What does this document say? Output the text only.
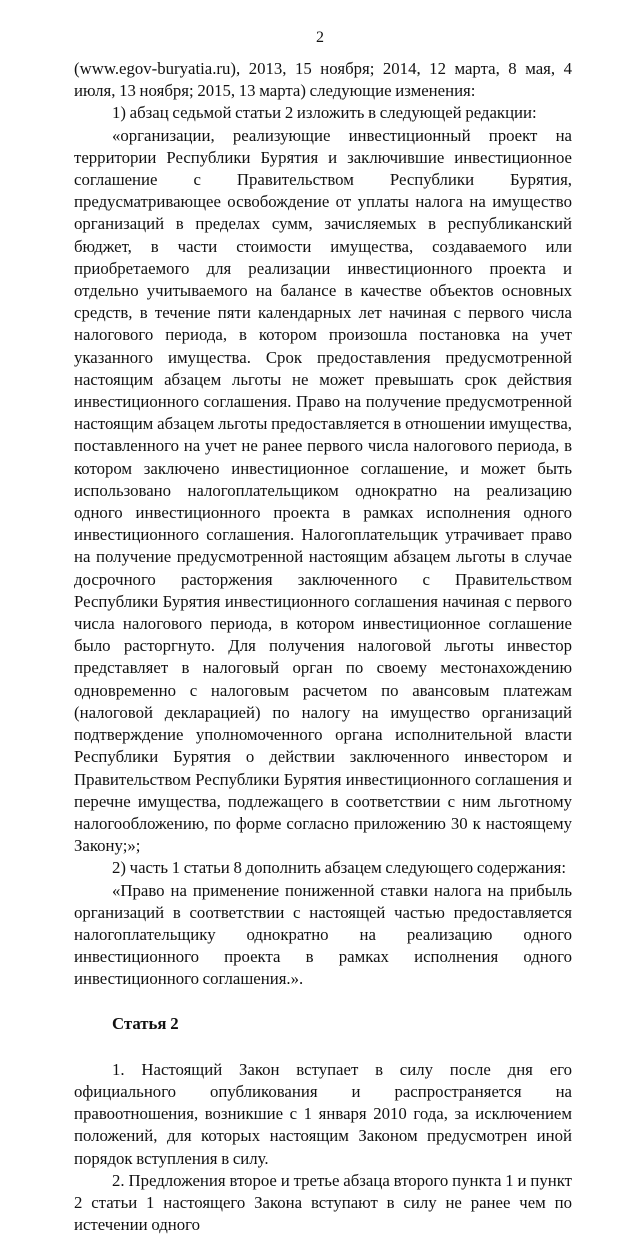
2

(www.egov-buryatia.ru), 2013, 15 ноября; 2014, 12 марта, 8 мая, 4 июля, 13 ноября; 2015, 13 марта) следующие изменения:

1) абзац седьмой статьи 2 изложить в следующей редакции:

«организации, реализующие инвестиционный проект на территории Республики Бурятия и заключившие инвестиционное соглашение с Правительством Республики Бурятия, предусматривающее освобождение от уплаты налога на имущество организаций в пределах сумм, зачисляемых в республиканский бюджет, в части стоимости имущества, создаваемого или приобретаемого для реализации инвестиционного проекта и отдельно учитываемого на балансе в качестве объектов основных средств, в течение пяти календарных лет начиная с первого числа налогового периода, в котором произошла постановка на учет указанного имущества. Срок предоставления предусмотренной настоящим абзацем льготы не может превышать срок действия инвестиционного соглашения. Право на получение предусмотренной настоящим абзацем льготы предоставляется в отношении имущества, поставленного на учет не ранее первого числа налогового периода, в котором заключено инвестиционное соглашение, и может быть использовано налогоплательщиком однократно на реализацию одного инвестиционного проекта в рамках исполнения одного инвестиционного соглашения. Налогоплательщик утрачивает право на получение предусмотренной настоящим абзацем льготы в случае досрочного расторжения заключенного с Правительством Республики Бурятия инвестиционного соглашения начиная с первого числа налогового периода, в котором инвестиционное соглашение было расторгнуто. Для получения налоговой льготы инвестор представляет в налоговый орган по своему местонахождению одновременно с налоговым расчетом по авансовым платежам (налоговой декларацией) по налогу на имущество организаций подтверждение уполномоченного органа исполнительной власти Республики Бурятия о действии заключенного инвестором и Правительством Республики Бурятия инвестиционного соглашения и перечне имущества, подлежащего в соответствии с ним льготному налогообложению, по форме согласно приложению 30 к настоящему Закону;»;

2) часть 1 статьи 8 дополнить абзацем следующего содержания:

«Право на применение пониженной ставки налога на прибыль организаций в соответствии с настоящей частью предоставляется налогоплательщику однократно на реализацию одного инвестиционного проекта в рамках исполнения одного инвестиционного соглашения.».

Статья 2

1. Настоящий Закон вступает в силу после дня его официального опубликования и распространяется на правоотношения, возникшие с 1 января 2010 года, за исключением положений, для которых настоящим Законом предусмотрен иной порядок вступления в силу.

2. Предложения второе и третье абзаца второго пункта 1 и пункт 2 статьи 1 настоящего Закона вступают в силу не ранее чем по истечении одного
